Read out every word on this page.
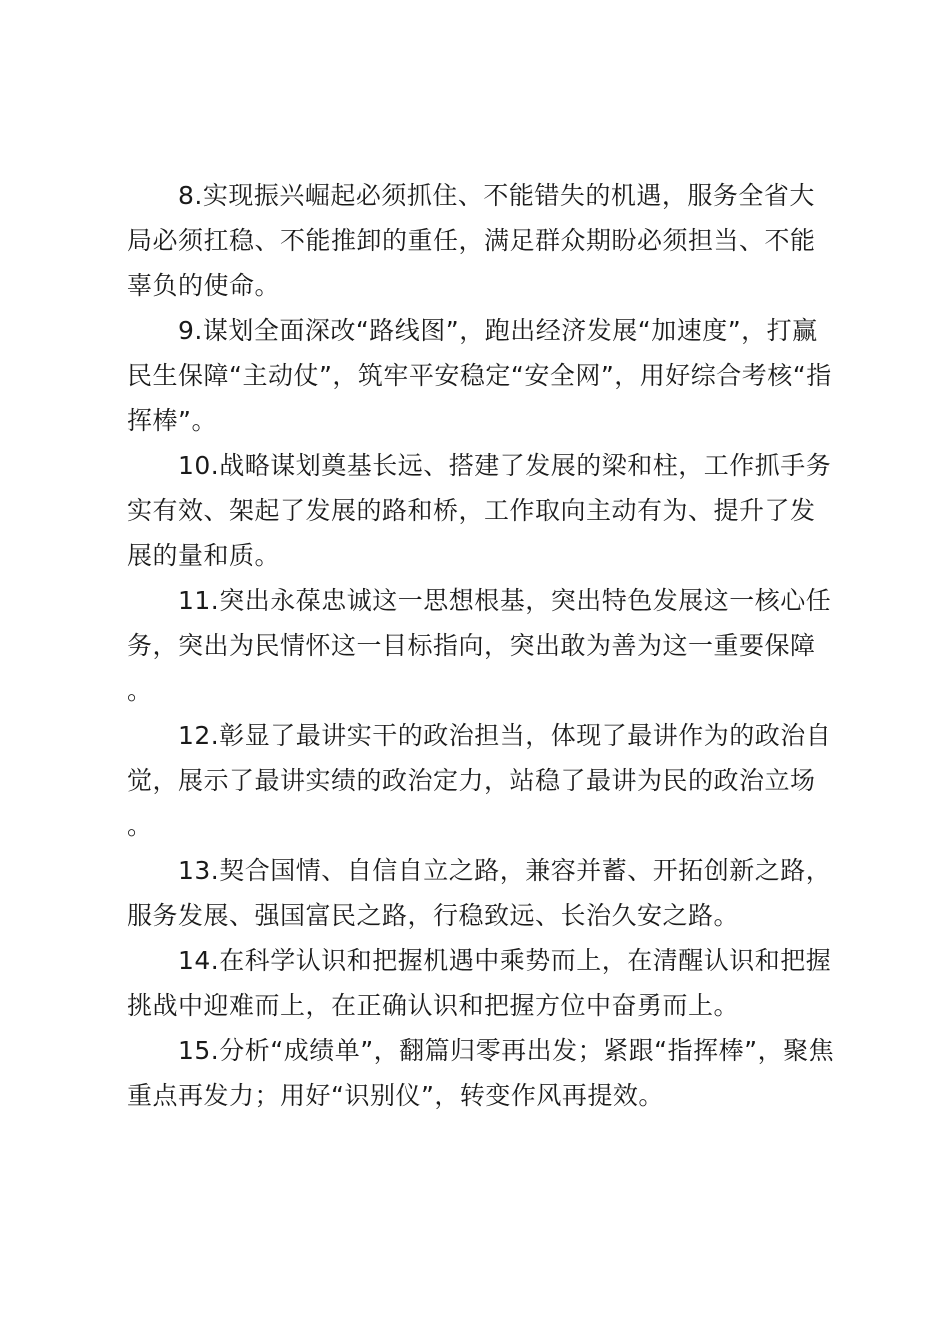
8.实现振兴崛起必须抓住、不能错失的机遇，服务全省大局必须扛稳、不能推卸的重任，满足群众期盼必须担当、不能辜负的使命。

9.谋划全面深改“路线图”，跑出经济发展“加速度”，打赢民生保障“主动仗”，筑牢平安稳定“安全网”，用好综合考核“指挥棒”。

10.战略谋划奠基长远、搭建了发展的梁和柱，工作抓手务实有效、架起了发展的路和桥，工作取向主动有为、提升了发展的量和质。

11.突出永葆忠诚这一思想根基，突出特色发展这一核心任务，突出为民情怀这一目标指向，突出敢为善为这一重要保障。

12.彰显了最讲实干的政治担当，体现了最讲作为的政治自觉，展示了最讲实绩的政治定力，站稳了最讲为民的政治立场。

13.契合国情、自信自立之路，兼容并蓄、开拓创新之路，服务发展、强国富民之路，行稳致远、长治久安之路。

14.在科学认识和把握机遇中乘势而上，在清醒认识和把握挑战中迎难而上，在正确认识和把握方位中奋勇而上。

15.分析“成绩单”，翻篇归零再出发；紧跟“指挥棒”，聚焦重点再发力；用好“识别仪”，转变作风再提效。
